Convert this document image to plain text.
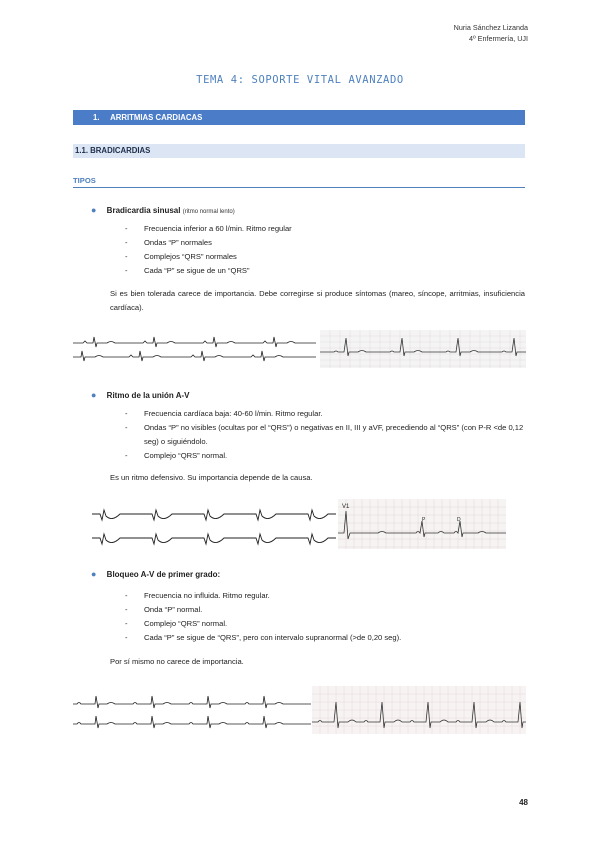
Nuria Sánchez Lizanda
4º Enfermería, UJI
TEMA 4: SOPORTE VITAL AVANZADO
1. ARRITMIAS CARDIACAS
1.1. BRADICARDIAS
TIPOS
● Bradicardia sinusal (ritmo normal lento)
- Frecuencia inferior a 60 l/min. Ritmo regular
- Ondas “P” normales
- Complejos “QRS” normales
- Cada “P” se sigue de un “QRS”
Si es bien tolerada carece de importancia. Debe corregirse si produce síntomas (mareo, síncope, arritmias, insuficiencia cardíaca).
● Ritmo de la unión A-V
- Frecuencia cardíaca baja: 40-60 l/min. Ritmo regular.
- Ondas “P” no visibles (ocultas por el “QRS”) o negativas en II, III y aVF, precediendo al “QRS” (con P-R <de 0,12 seg) o siguiéndolo.
- Complejo “QRS” normal.
Es un ritmo defensivo. Su importancia depende de la causa.
V1
P	D
● Bloqueo A-V de primer grado:
- Frecuencia no influida. Ritmo regular.
- Onda “P” normal.
- Complejo “QRS” normal.
- Cada “P” se sigue de “QRS”, pero con intervalo supranormal (>de 0,20 seg).
Por sí mismo no carece de importancia.
48
